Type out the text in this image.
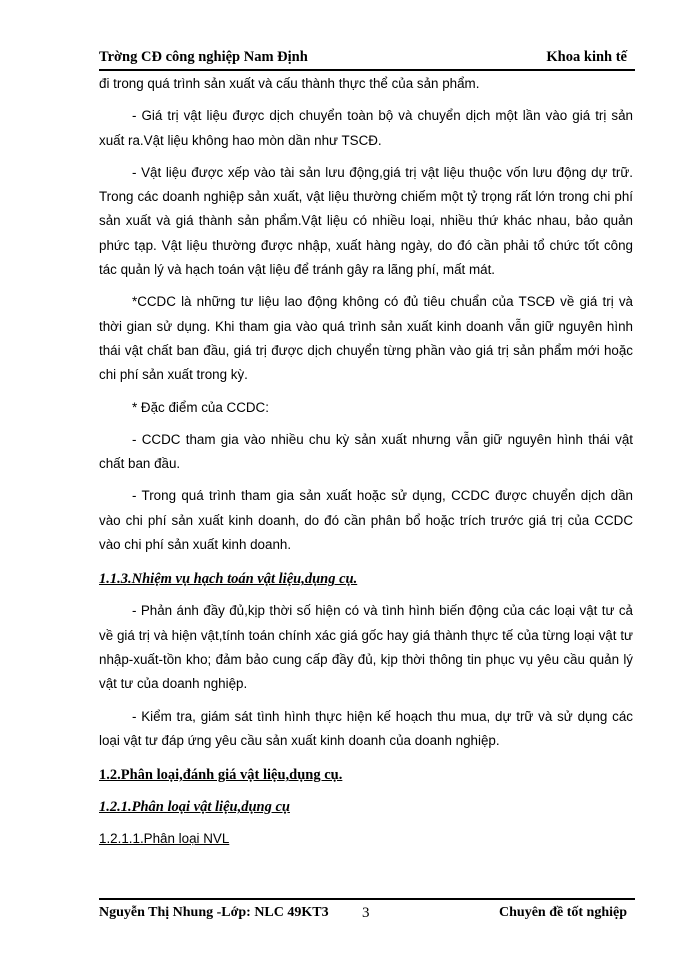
Trờng CĐ công nghiệp Nam Định	Khoa kinh tế

đi trong quá trình sản xuất và cấu thành thực thể của sản phẩm.

- Giá trị vật liệu được dịch chuyển toàn bộ và chuyển dịch một lần vào giá trị sản xuất ra.Vật liệu không hao mòn dần như TSCĐ.

- Vật liệu được xếp vào tài sản lưu động,giá trị vật liệu thuộc vốn lưu động dự trữ. Trong các doanh nghiệp sản xuất, vật liệu thường chiếm một tỷ trọng rất lớn trong chi phí sản xuất và giá thành sản phẩm.Vật liệu có nhiều loại, nhiều thứ khác nhau, bảo quản phức tạp. Vật liệu thường được nhập, xuất hàng ngày, do đó cần phải tổ chức tốt công tác quản lý và hạch toán vật liệu để tránh gây ra lãng phí, mất mát.

*CCDC là những tư liệu lao động không có đủ tiêu chuẩn của TSCĐ về giá trị và thời gian sử dụng. Khi tham gia vào quá trình sản xuất kinh doanh vẫn giữ nguyên hình thái vật chất ban đầu, giá trị được dịch chuyển từng phần vào giá trị sản phẩm mới hoặc chi phí sản xuất trong kỳ.

* Đặc điểm của CCDC:

- CCDC tham gia vào nhiều chu kỳ sản xuất nhưng vẫn giữ nguyên hình thái vật chất ban đầu.

- Trong quá trình tham gia sản xuất hoặc sử dụng, CCDC được chuyển dịch dần vào chi phí sản xuất kinh doanh, do đó cần phân bổ hoặc trích trước giá trị của CCDC vào chi phí sản xuất kinh doanh.

1.1.3.Nhiệm vụ hạch toán vật liệu,dụng cụ.

- Phản ánh đầy đủ,kịp thời số hiện có và tình hình biến động của các loại vật tư cả về giá trị và hiện vật,tính toán chính xác giá gốc hay giá thành thực tế của từng loại vật tư nhập-xuất-tồn kho; đảm bảo cung cấp đầy đủ, kịp thời thông tin phục vụ yêu cầu quản lý vật tư của doanh nghiệp.

- Kiểm tra, giám sát tình hình thực hiện kế hoạch thu mua, dự trữ và sử dụng các loại vật tư đáp ứng yêu cầu sản xuất kinh doanh của doanh nghiệp.

1.2.Phân loại,đánh giá vật liệu,dụng cụ.
1.2.1.Phân loại vật liệu,dụng cụ
1.2.1.1.Phân loại NVL
Nguyễn Thị Nhung -Lớp: NLC 49KT3 3	Chuyên đề tốt nghiệp
